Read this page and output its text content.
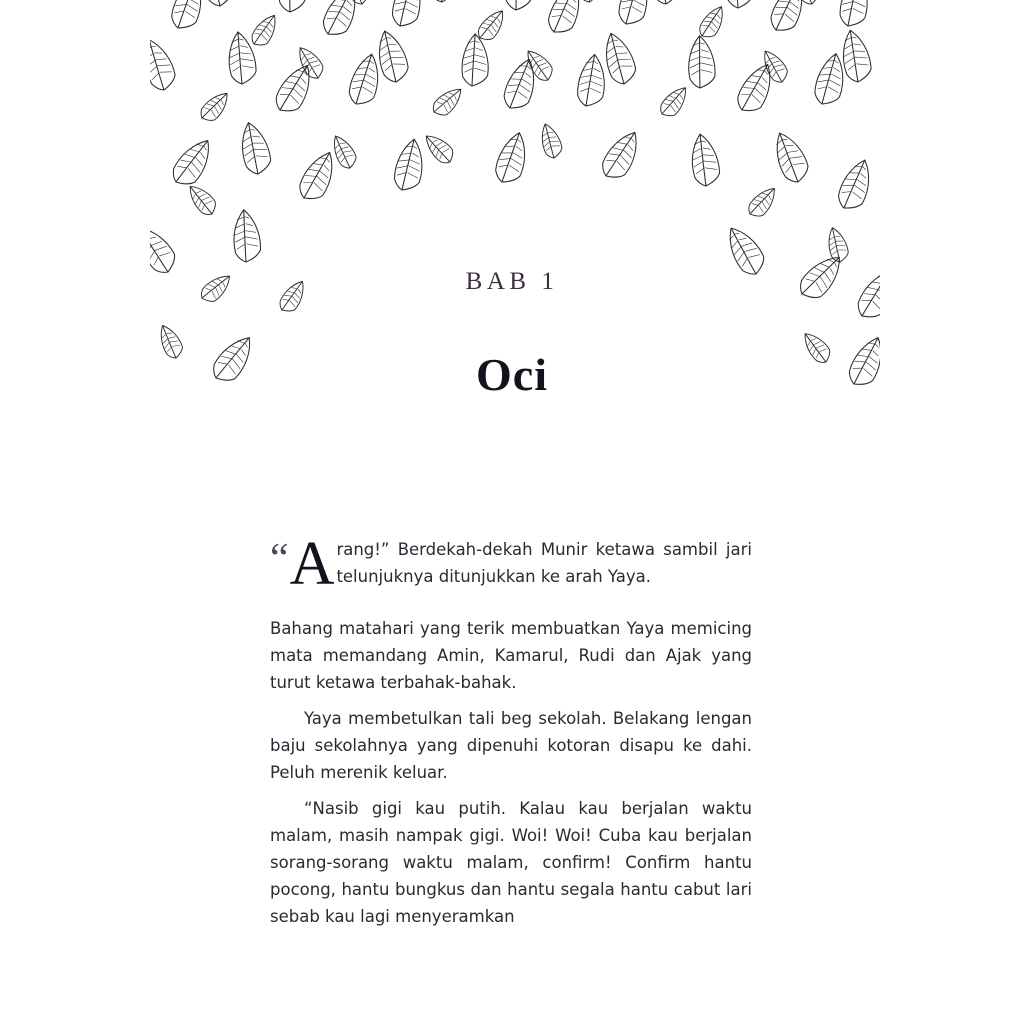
BAB 1
Oci

“ A rang!” Berdekah-dekah Munir ketawa sambil jari telunjuknya ditunjukkan ke arah Yaya.

Bahang matahari yang terik membuatkan Yaya memicing mata memandang Amin, Kamarul, Rudi dan Ajak yang turut ketawa terbahak-bahak.

Yaya membetulkan tali beg sekolah. Belakang lengan baju sekolahnya yang dipenuhi kotoran disapu ke dahi. Peluh merenik keluar.

“Nasib gigi kau putih. Kalau kau berjalan waktu malam, masih nampak gigi. Woi! Woi! Cuba kau berjalan sorang-sorang waktu malam, confirm! Confirm hantu pocong, hantu bungkus dan hantu segala hantu cabut lari sebab kau lagi menyeramkan
